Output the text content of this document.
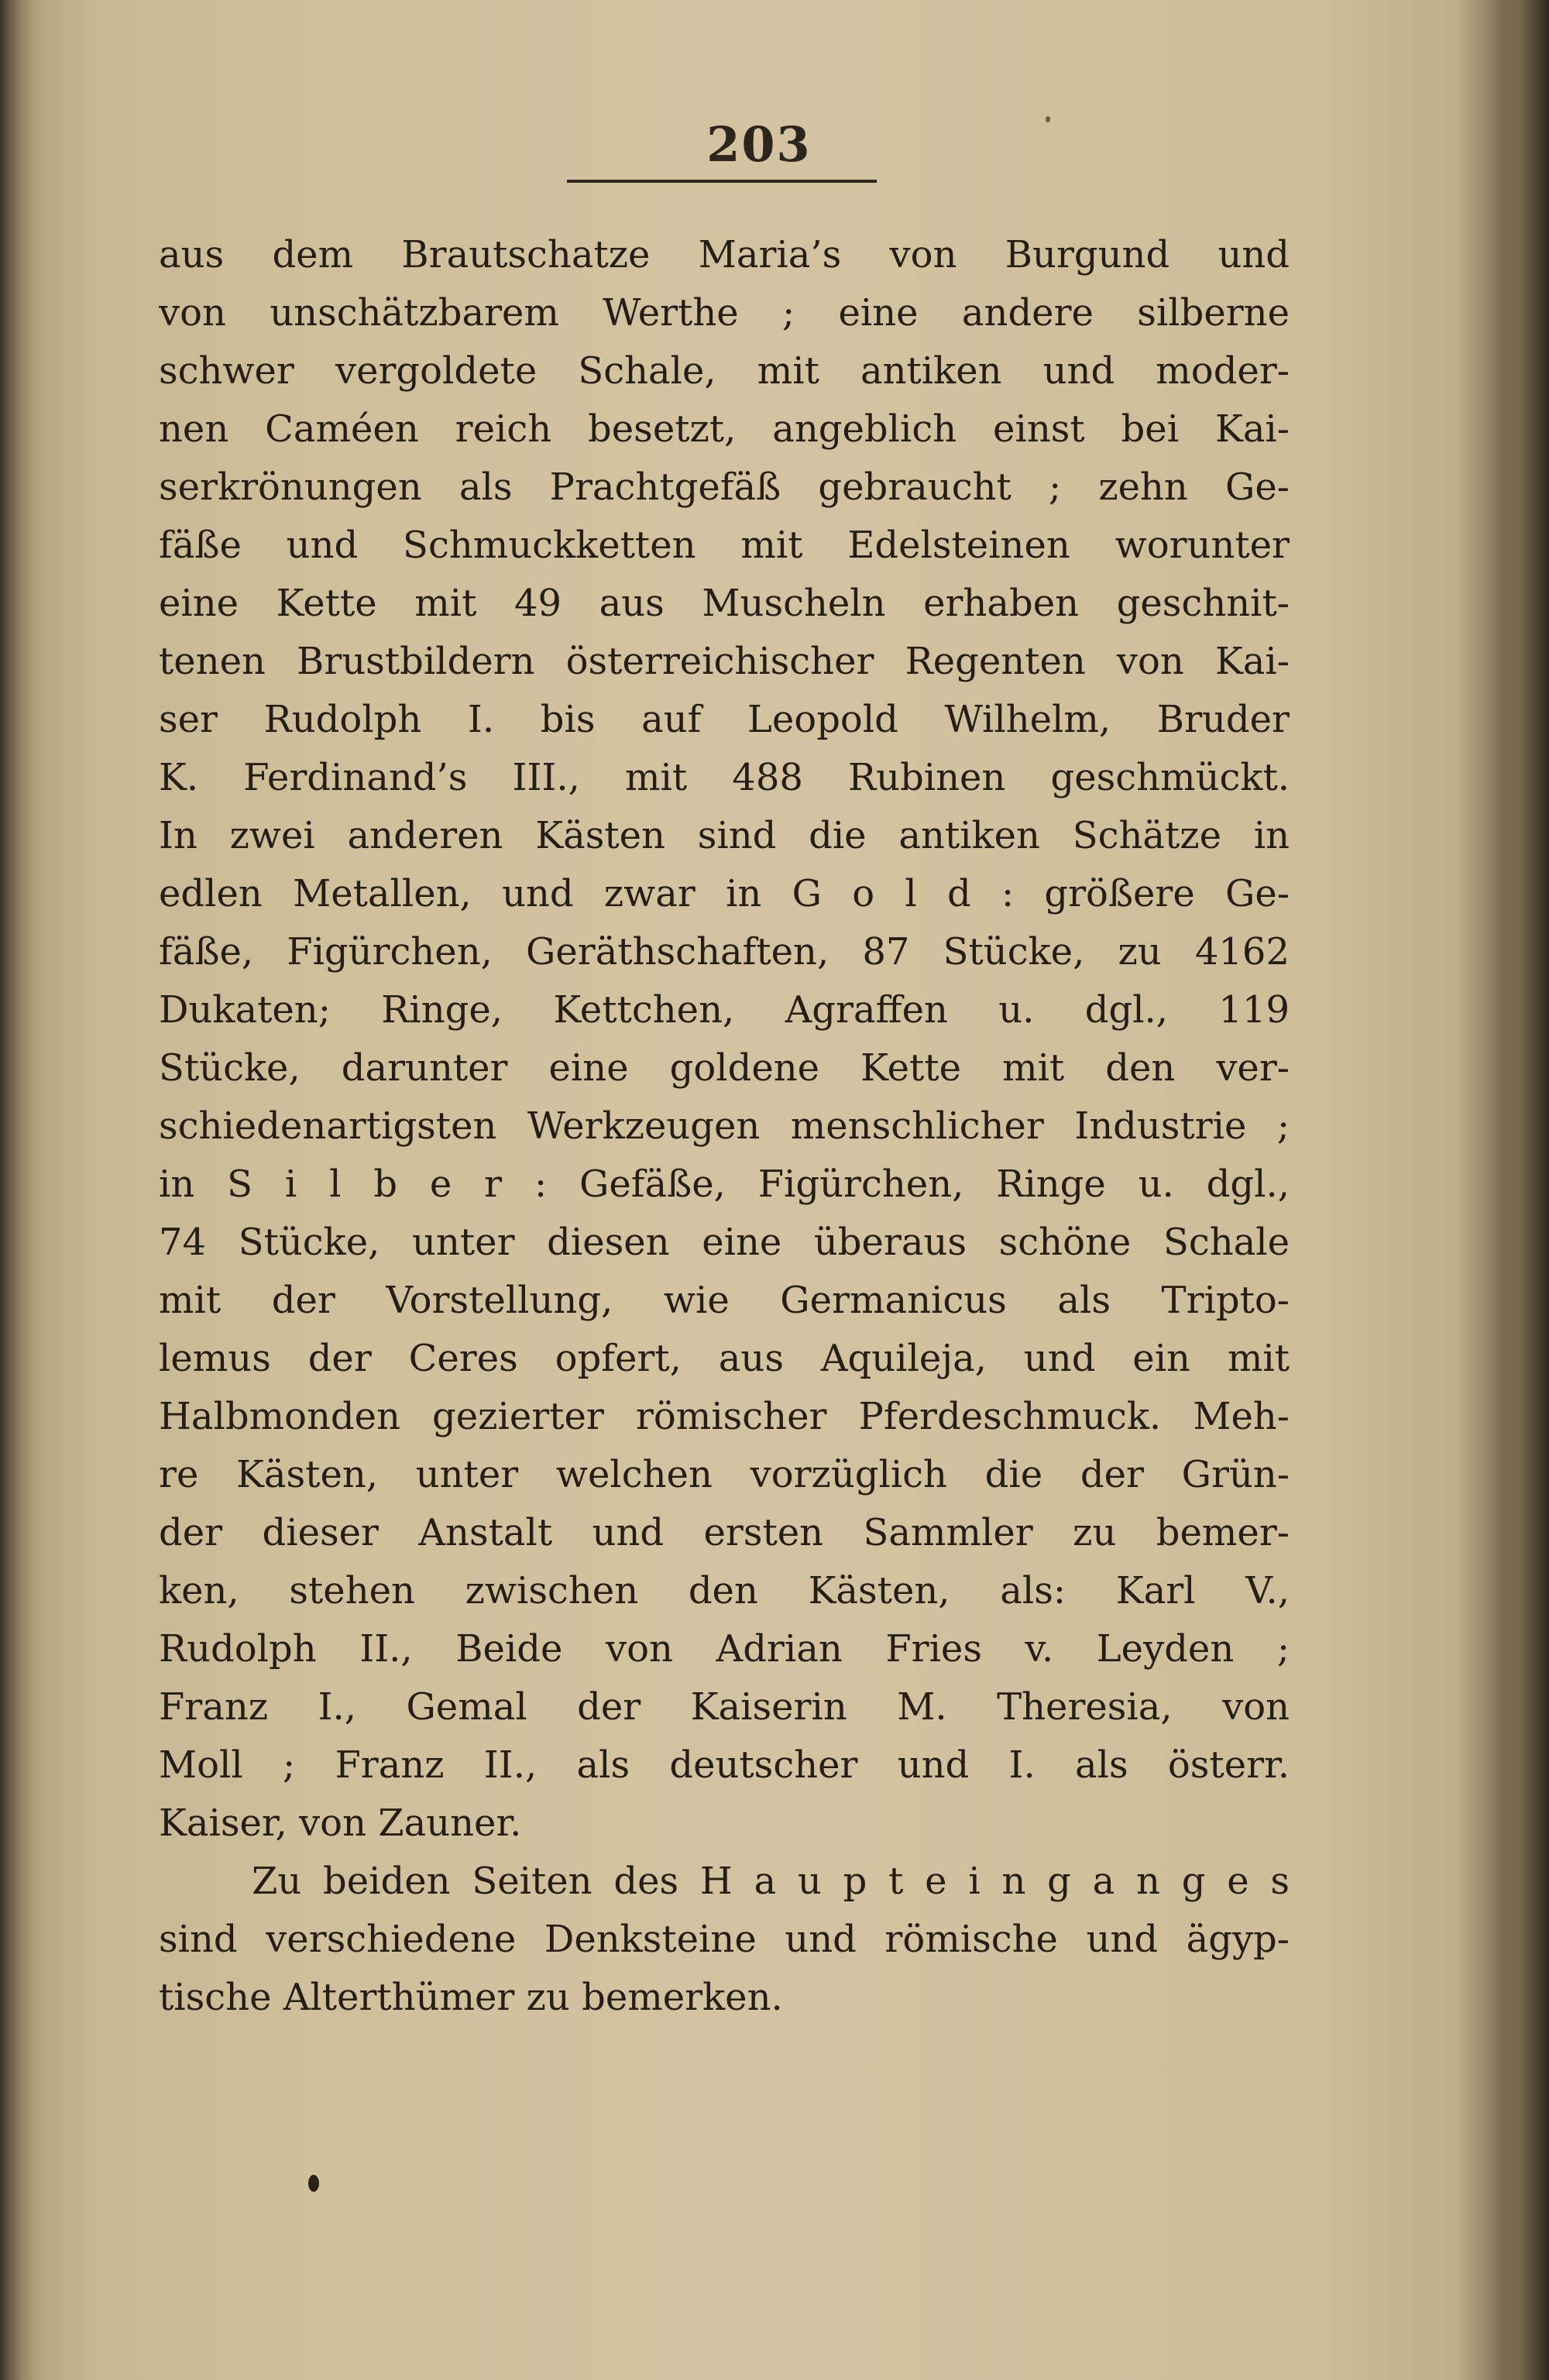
203
aus dem Brautschatze Maria’s von Burgund und
von unschätzbarem Werthe ; eine andere silberne
schwer vergoldete Schale, mit antiken und moder-
nen Caméen reich besetzt, angeblich einst bei Kai-
serkrönungen als Prachtgefäß gebraucht ; zehn Ge-
fäße und Schmuckketten mit Edelsteinen worunter
eine Kette mit 49 aus Muscheln erhaben geschnit-
tenen Brustbildern österreichischer Regenten von Kai-
ser Rudolph I. bis auf Leopold Wilhelm, Bruder
K. Ferdinand’s III., mit 488 Rubinen geschmückt.
In zwei anderen Kästen sind die antiken Schätze in
edlen Metallen, und zwar in G o l d : größere Ge-
fäße, Figürchen, Geräthschaften, 87 Stücke, zu 4162
Dukaten; Ringe, Kettchen, Agraffen u. dgl., 119
Stücke, darunter eine goldene Kette mit den ver-
schiedenartigsten Werkzeugen menschlicher Industrie ;
in S i l b e r : Gefäße, Figürchen, Ringe u. dgl.,
74 Stücke, unter diesen eine überaus schöne Schale
mit der Vorstellung, wie Germanicus als Tripto-
lemus der Ceres opfert, aus Aquileja, und ein mit
Halbmonden gezierter römischer Pferdeschmuck. Meh-
re Kästen, unter welchen vorzüglich die der Grün-
der dieser Anstalt und ersten Sammler zu bemer-
ken, stehen zwischen den Kästen, als: Karl V.,
Rudolph II., Beide von Adrian Fries v. Leyden ;
Franz I., Gemal der Kaiserin M. Theresia, von
Moll ; Franz II., als deutscher und I. als österr.
Kaiser, von Zauner.
Zu beiden Seiten des H a u p t e i n g a n g e s
sind verschiedene Denksteine und römische und ägyp-
tische Alterthümer zu bemerken.
